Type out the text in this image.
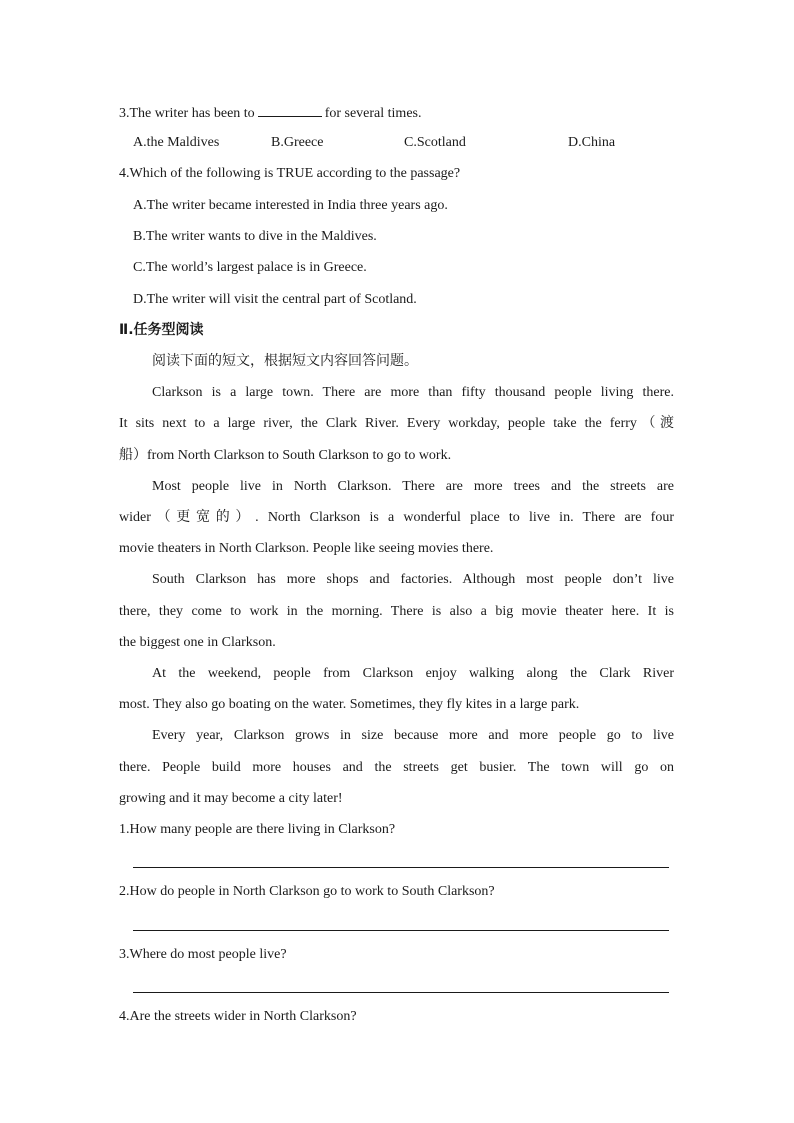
3.The writer has been to	for several times.
A.the Maldives	B.Greece	C.Scotland	D.China
4.Which of the following is TRUE according to the passage?
A.The writer became interested in India three years ago.
B.The writer wants to dive in the Maldives.
C.The world’s largest palace is in Greece.
D.The writer will visit the central part of Scotland.
Ⅱ.任务型阅读
阅读下面的短文，根据短文内容回答问题。
Clarkson is a large town. There are more than fifty thousand people living there.
It sits next to a large river, the Clark River. Every workday, people take the ferry（渡
船）from North Clarkson to South Clarkson to go to work.
Most people live in North Clarkson. There are more trees and the streets are
wider（更宽的）. North Clarkson is a wonderful place to live in. There are four
movie theaters in North Clarkson. People like seeing movies there.
South Clarkson has more shops and factories. Although most people don’t live
there, they come to work in the morning. There is also a big movie theater here. It is
the biggest one in Clarkson.
At the weekend, people from Clarkson enjoy walking along the Clark River
most. They also go boating on the water. Sometimes, they fly kites in a large park.
Every year, Clarkson grows in size because more and more people go to live
there. People build more houses and the streets get busier. The town will go on
growing and it may become a city later!
1.How many people are there living in Clarkson?
2.How do people in North Clarkson go to work to South Clarkson?
3.Where do most people live?
4.Are the streets wider in North Clarkson?
